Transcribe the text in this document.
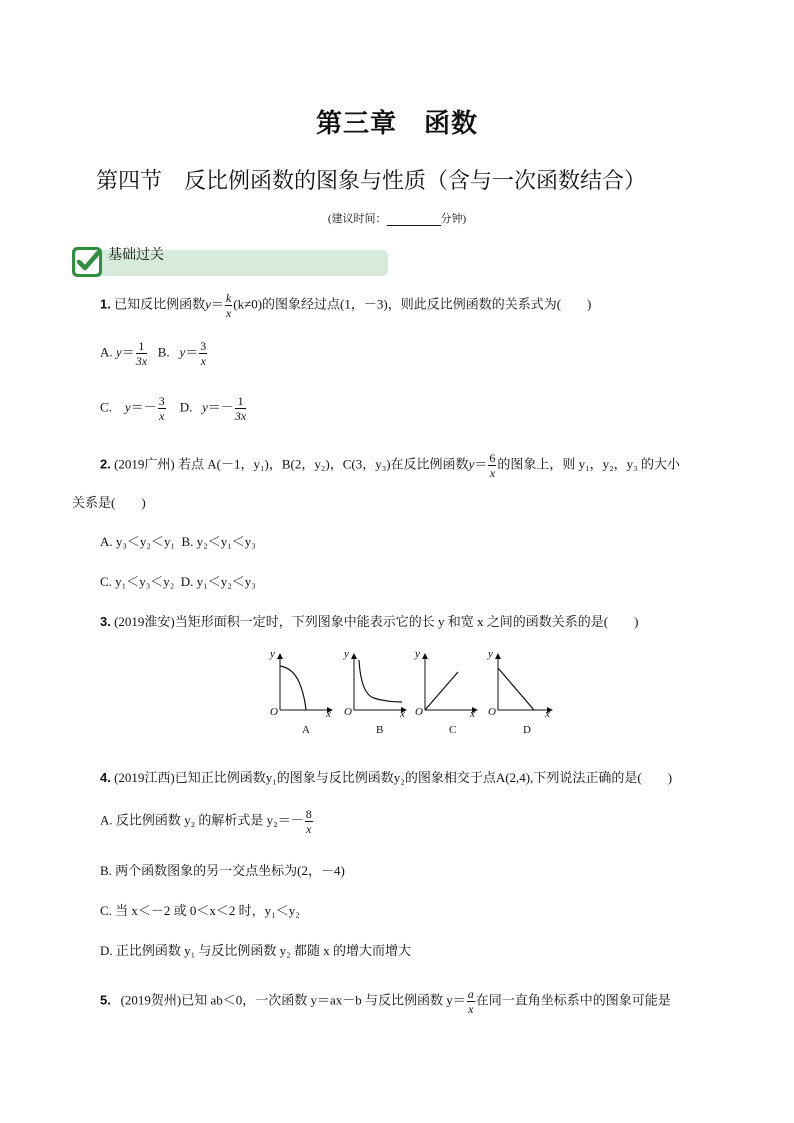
第三章　函数
第四节　反比例函数的图象与性质（含与一次函数结合）
(建议时间：	分钟)
基础过关
1. 已知反比例函数$y= \frac{k}{x} (k\ne 0)$的图象经过点(1，－3)，则此反比例函数的关系式为(　　)
A. $y= \frac{1}{3x} B$. $y= \frac{3}{x}$
C. $y=- \frac{3}{x} D$. $y=- \frac{1}{3x}$
2. (2019广州) 若点 A(－1，y₁)，B(2，y₂)，C(3，y₃)在反比例函数$y= \frac{6}{x}$ 的图象上，则 y₁，y₂，y₃ 的大小
关系是(　　)
A. y₃＜y₂＜y₁ B. y₂＜y₁＜y₃
C. y₁＜y₃＜y₂ D. y₁＜y₂＜y₃
3. (2019淮安)当矩形面积一定时，下列图象中能表示它的长 y 和宽 x 之间的函数关系的是(　　)
y
x
O
A
y
x
O
B
y
x
O
C
y
x
O
D
4. (2019江西)已知正比例函数y₁的图象与反比例函数y₂的图象相交于点A(2,4),下列说法正确的是(　　)
A. 反比例函数 y₂ 的解析式是 $y_2=- \frac{8}{x}$
B. 两个函数图象的另一交点坐标为(2，－4)
C. 当 x＜－2 或 0＜x＜2 时，y₁＜y₂
D. 正比例函数 y₁ 与反比例函数 y₂ 都随 x 的增大而增大
5. (2019贺州)已知 ab＜0，一次函数 y＝ax－b 与反比例函数 $y= \frac{a}{x}$ 在同一直角坐标系中的图象可能是
